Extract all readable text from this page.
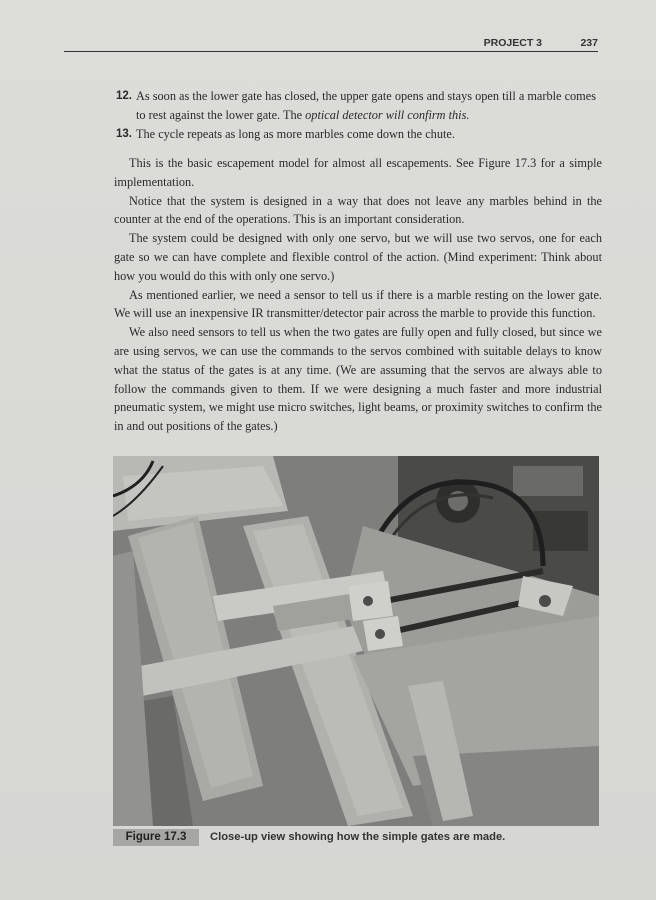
PROJECT 3	237
12. As soon as the lower gate has closed, the upper gate opens and stays open till a marble comes to rest against the lower gate. The optical detector will confirm this.
13. The cycle repeats as long as more marbles come down the chute.

This is the basic escapement model for almost all escapements. See Figure 17.3 for a simple implementation.

Notice that the system is designed in a way that does not leave any marbles behind in the counter at the end of the operations. This is an important consideration.

The system could be designed with only one servo, but we will use two servos, one for each gate so we can have complete and flexible control of the action. (Mind experiment: Think about how you would do this with only one servo.)

As mentioned earlier, we need a sensor to tell us if there is a marble resting on the lower gate. We will use an inexpensive IR transmitter/detector pair across the marble to provide this function.

We also need sensors to tell us when the two gates are fully open and fully closed, but since we are using servos, we can use the commands to the servos combined with suitable delays to know what the status of the gates is at any time. (We are assuming that the servos are always able to follow the commands given to them. If we were designing a much faster and more industrial pneumatic system, we might use micro switches, light beams, or proximity switches to confirm the in and out positions of the gates.)

Figure 17.3	Close-up view showing how the simple gates are made.
